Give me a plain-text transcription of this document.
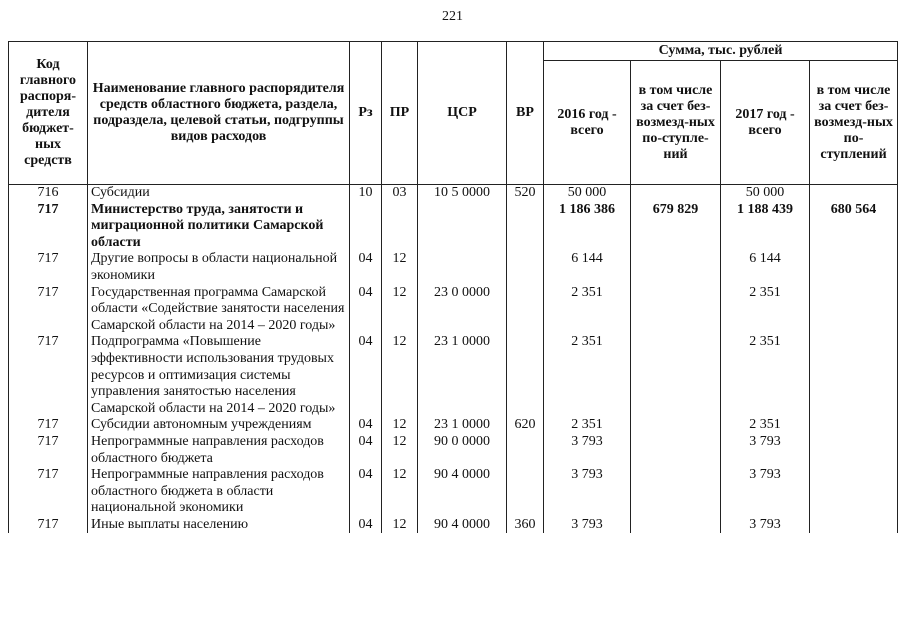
221
Код главного распоря-дителя бюджет-ных средств	Наименование главного распорядителя средств областного бюджета, раздела, подраздела, целевой статьи, подгруппы видов расходов	Рз	ПР	ЦСР	ВР	Сумма, тыс. рублей			
						2016 год - всего	в том числе за счет без-возмезд-ных по-ступле-ний	2017 год - всего	в том числе за счет без-возмезд-ных по-ступлений
716	Субсидии	10	03	10 5 0000	520	50 000		50 000	
717	Министерство труда, занятости и миграционной политики Самарской области					1 186 386	679 829	1 188 439	680 564
717	Другие вопросы в области национальной экономики	04	12			6 144		6 144	
717	Государственная программа Самарской области «Содействие занятости населения Самарской области на 2014 – 2020 годы»	04	12	23 0 0000		2 351		2 351	
717	Подпрограмма «Повышение эффективности использования трудовых ресурсов и оптимизация системы управления занятостью населения Самарской области на 2014 – 2020 годы»	04	12	23 1 0000		2 351		2 351	
717	Субсидии автономным учреждениям	04	12	23 1 0000	620	2 351		2 351	
717	Непрограммные направления расходов областного бюджета	04	12	90 0 0000		3 793		3 793	
717	Непрограммные направления расходов областного бюджета в области национальной экономики	04	12	90 4 0000		3 793		3 793	
717	Иные выплаты населению	04	12	90 4 0000	360	3 793		3 793	
